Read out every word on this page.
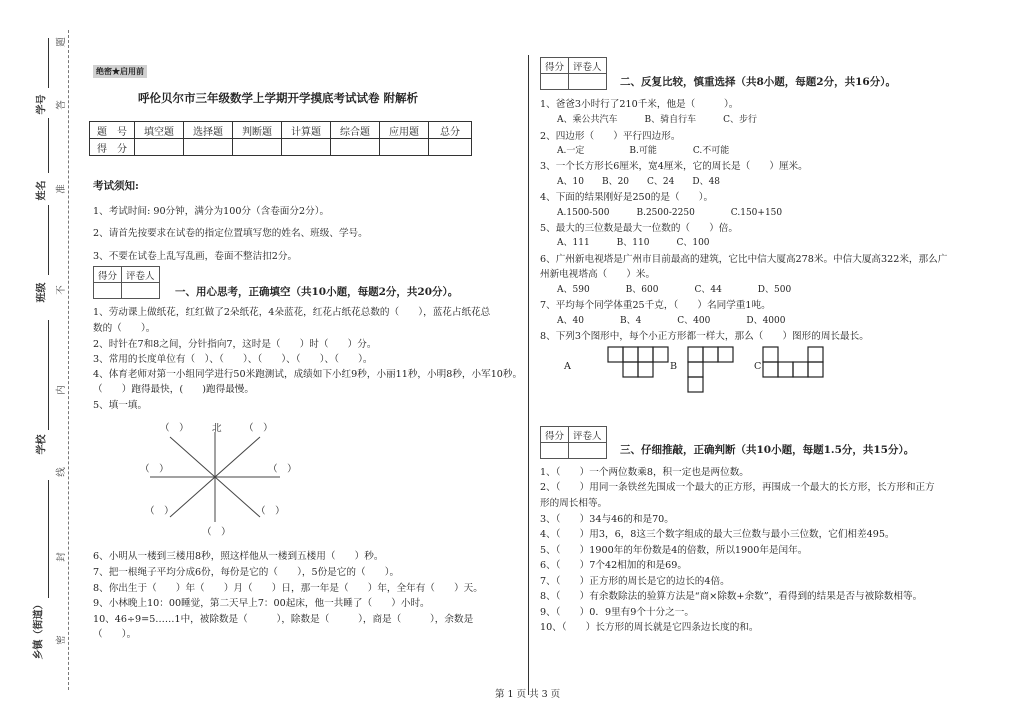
题
答
准
不
内
线
封
密
学号
姓名
班级
学校
乡镇（街道）
绝密★启用前
呼伦贝尔市三年级数学上学期开学摸底考试试卷 附解析
题　号	填空题	选择题	判断题	计算题	综合题	应用题	总分
得　分							
考试须知:
1、考试时间: 90分钟，满分为100分（含卷面分2分）。
2、请首先按要求在试卷的指定位置填写您的姓名、班级、学号。
3、不要在试卷上乱写乱画，卷面不整洁扣2分。
得分	评卷人

一、用心思考，正确填空（共10小题，每题2分，共20分）。
1、劳动课上做纸花，红红做了2朵纸花，4朵蓝花，红花占纸花总数的（　　），蓝花占纸花总
数的（　　）。
2、时针在7和8之间，分针指向7，这时是（　　）时（　　）分。
3、常用的长度单位有（　）、（　　）、（　　）、（　　）、（　　）。
4、体育老师对第一小组同学进行50米跑测试，成绩如下小红9秒，小丽11秒，小明8秒，小军10秒。
（　　）跑得最快，(　　)跑得最慢。
5、填一填。
（　） 北 （　）
（　）	（　）
（　）	（　）
（　）
6、小明从一楼到三楼用8秒，照这样他从一楼到五楼用（　　）秒。
7、把一根绳子平均分成6份，每份是它的（　　），5份是它的（　　）。
8、你出生于（　　）年（　　）月（　　）日，那一年是（　　）年，全年有（　　）天。
9、小林晚上10：00睡觉，第二天早上7：00起床，他一共睡了（　　）小时。
10、46÷9=5……1中，被除数是（　　　），除数是（　　　），商是（　　　），余数是
（　　）。
得分	评卷人

二、反复比较，慎重选择（共8小题，每题2分，共16分）。
1、爸爸3小时行了210千米，他是（　　　）。
A、乘公共汽车　　　B、骑自行车　　　C、步行
2、四边形（　　）平行四边形。
A.一定　　　　　B.可能　　　　C.不可能
3、一个长方形长6厘米，宽4厘米，它的周长是（　　）厘米。
A、10　　B、20　　C、24　　D、48
4、下面的结果刚好是250的是（　　）。
A.1500-500　　　B.2500-2250　　　　C.150+150
5、最大的三位数是最大一位数的（　　）倍。
A、111　　　B、110　　　C、100
6、广州新电视塔是广州市目前最高的建筑，它比中信大厦高278米。中信大厦高322米，那么广
州新电视塔高（　　）米。
A、590　　　　B、600　　　　C、44　　　　D、500
7、平均每个同学体重25千克，（　　）名同学重1吨。
A、40　　　　B、4　　　　C、400　　　　D、4000
8、下列3个图形中，每个小正方形都一样大，那么（　　）图形的周长最长。
A	B	C
得分	评卷人

三、仔细推敲，正确判断（共10小题，每题1.5分，共15分）。
1、（　　）一个两位数乘8，积一定也是两位数。
2、（　　）用同一条铁丝先围成一个最大的正方形，再围成一个最大的长方形，长方形和正方
形的周长相等。
3、（　　）34与46的和是70。
4、（　　）用3，6，8这三个数字组成的最大三位数与最小三位数，它们相差495。
5、（　　）1900年的年份数是4的倍数，所以1900年是闰年。
6、（　　）7个42相加的和是69。
7、（　　）正方形的周长是它的边长的4倍。
8、（　　）有余数除法的验算方法是“商×除数+余数”，看得到的结果是否与被除数相等。
9、（　　）0．9里有9个十分之一。
10、（　　）长方形的周长就是它四条边长度的和。
第 1 页 共 3 页
